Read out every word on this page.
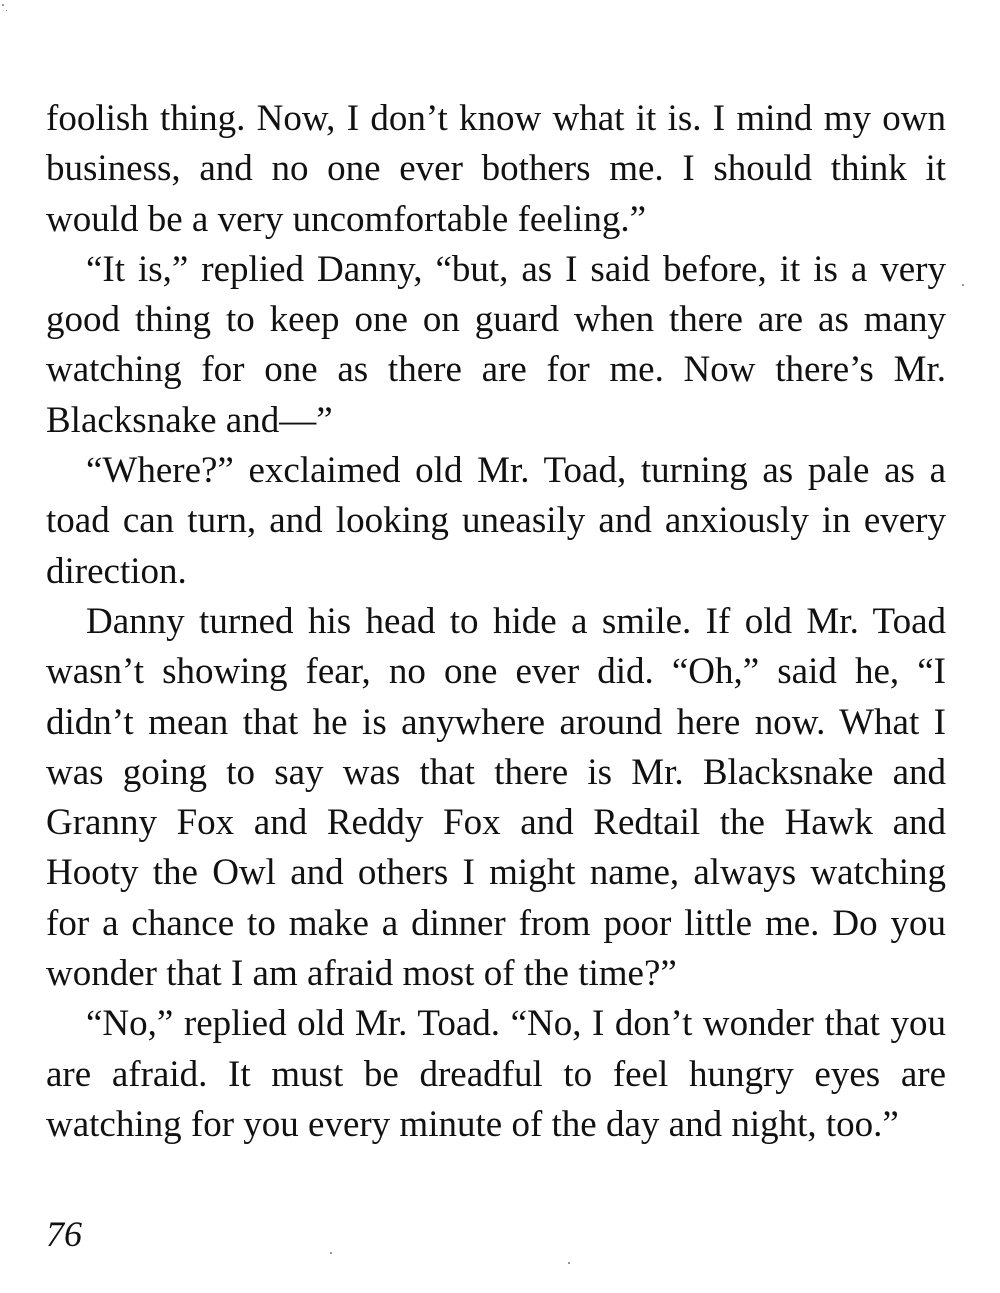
foolish thing. Now, I don’t know what it is. I mind my own business, and no one ever bothers me. I should think it would be a very uncomfortable feeling.”

“It is,” replied Danny, “but, as I said before, it is a very good thing to keep one on guard when there are as many watching for one as there are for me. Now there’s Mr. Blacksnake and—”

“Where?” exclaimed old Mr. Toad, turning as pale as a toad can turn, and looking uneasily and anxiously in every direction.

Danny turned his head to hide a smile. If old Mr. Toad wasn’t showing fear, no one ever did. “Oh,” said he, “I didn’t mean that he is anywhere around here now. What I was going to say was that there is Mr. Blacksnake and Granny Fox and Reddy Fox and Redtail the Hawk and Hooty the Owl and others I might name, always watching for a chance to make a dinner from poor little me. Do you wonder that I am afraid most of the time?”

“No,” replied old Mr. Toad. “No, I don’t wonder that you are afraid. It must be dreadful to feel hungry eyes are watching for you every minute of the day and night, too.”

76
